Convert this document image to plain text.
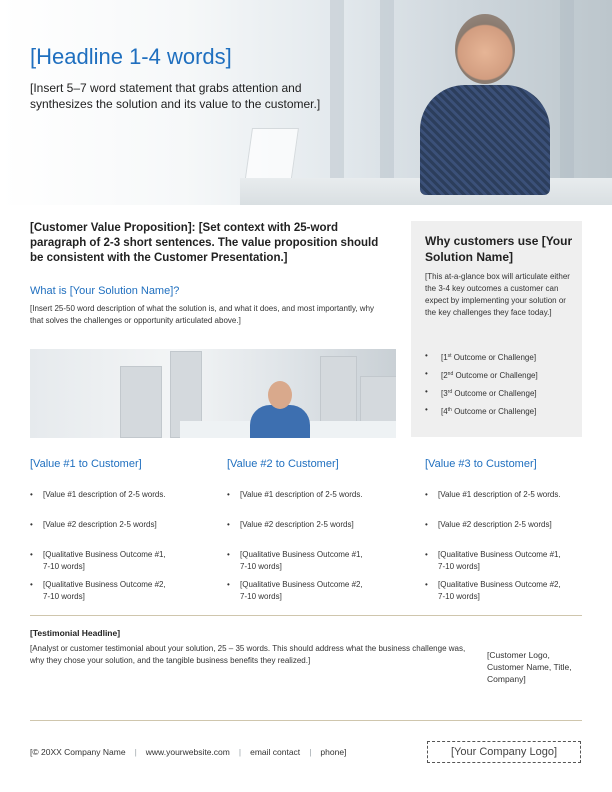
[Headline 1-4 words]
[Insert 5–7 word statement that grabs attention and synthesizes the solution and its value to the customer.]
[Customer Value Proposition]: [Set context with 25-word paragraph of 2-3 short sentences. The value proposition should be consistent with the Customer Presentation.]
What is [Your Solution Name]?
[Insert 25-50 word description of what the solution is, and what it does, and most importantly, why that solves the challenges or opportunity articulated above.]
Why customers use [Your Solution Name]
[This at-a-glance box will articulate either the 3-4 key outcomes a customer can expect by implementing your solution or the key challenges they face today.]
• [1st Outcome or Challenge]
• [2nd Outcome or Challenge]
• [3rd Outcome or Challenge]
• [4th Outcome or Challenge]
[Value #1 to Customer]
• [Value #1 description of 2-5 words.
• [Value #2 description 2-5 words]
• [Qualitative Business Outcome #1, 7-10 words]
• [Qualitative Business Outcome #2, 7-10 words]
[Value #2 to Customer]
• [Value #1 description of 2-5 words.
• [Value #2 description 2-5 words]
• [Qualitative Business Outcome #1, 7-10 words]
• [Qualitative Business Outcome #2, 7-10 words]
[Value #3 to Customer]
• [Value #1 description of 2-5 words.
• [Value #2 description 2-5 words]
• [Qualitative Business Outcome #1, 7-10 words]
• [Qualitative Business Outcome #2, 7-10 words]
[Testimonial Headline]
[Analyst or customer testimonial about your solution, 25 – 35 words. This should address what the business challenge was, why they chose your solution, and the tangible business benefits they realized.]
[Customer Logo, Customer Name, Title, Company]
[© 20XX Company Name | www.yourwebsite.com | email contact | phone]	[Your Company Logo]
